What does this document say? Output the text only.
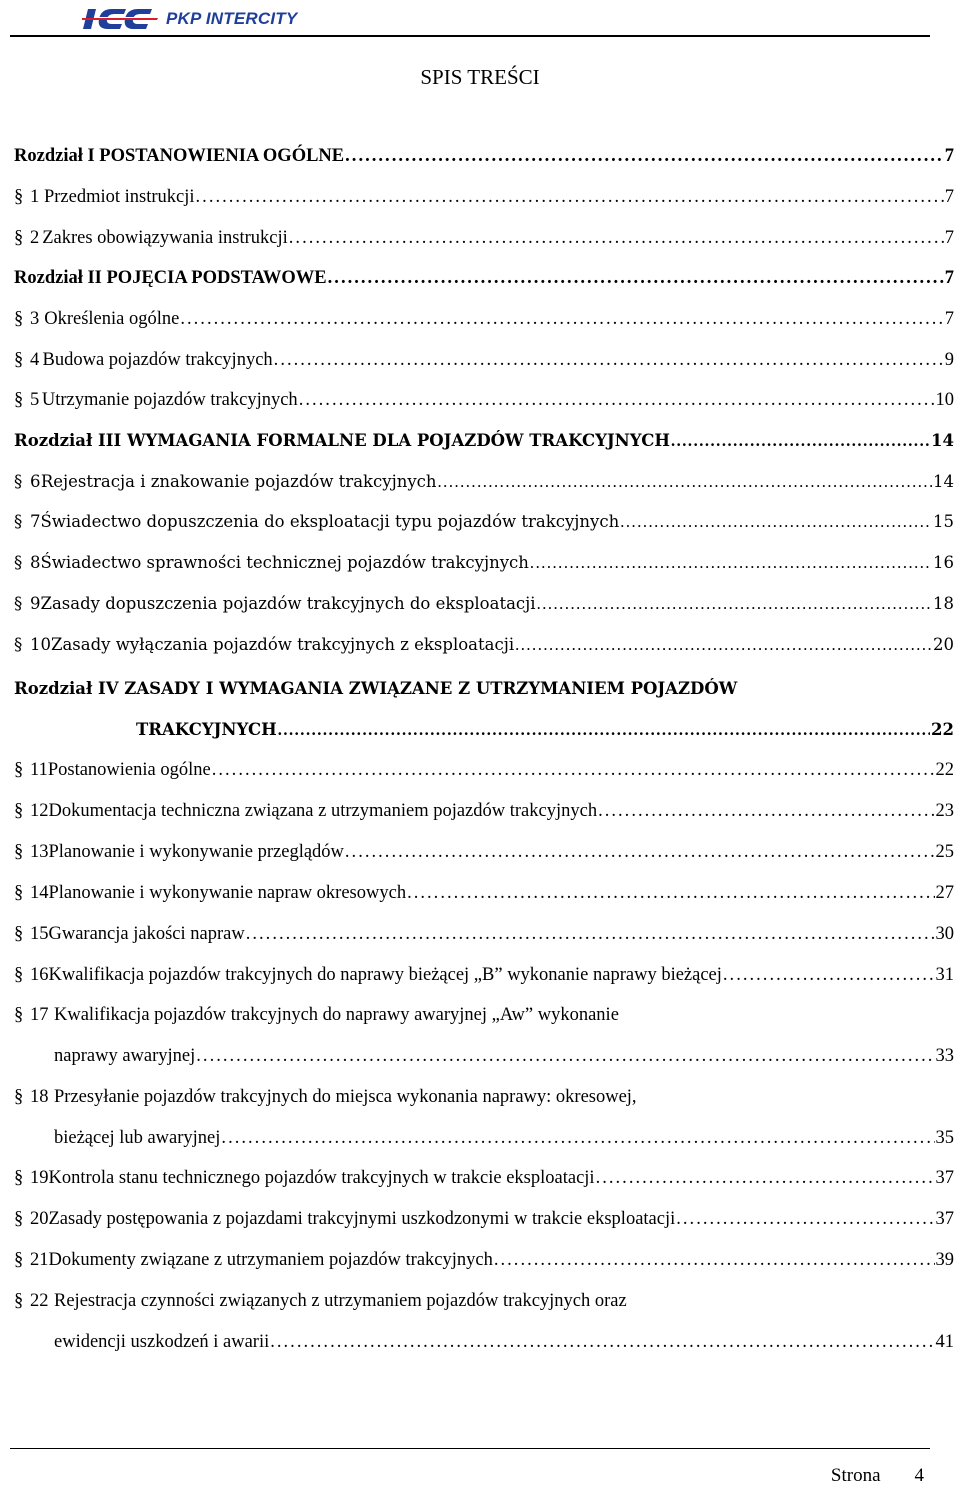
PKP INTERCITY
SPIS TREŚCI
Rozdział I POSTANOWIENIA OGÓLNE . . .	7
§ 1 Przedmiot instrukcji . . .	7
§ 2 Zakres obowiązywania instrukcji . . .	7
Rozdział II POJĘCIA PODSTAWOWE . . .	7
§ 3 Określenia ogólne . . .	7
§ 4 Budowa pojazdów trakcyjnych . . .	9
§ 5 Utrzymanie pojazdów trakcyjnych . . .	10
Rozdział III WYMAGANIA FORMALNE DLA POJAZDÓW TRAKCYJNYCH . . .	14
§ 6 Rejestracja i znakowanie pojazdów trakcyjnych . . .	14
§ 7 Świadectwo dopuszczenia do eksploatacji typu pojazdów trakcyjnych . . .	15
§ 8 Świadectwo sprawności technicznej pojazdów trakcyjnych . . .	16
§ 9 Zasady dopuszczenia pojazdów trakcyjnych do eksploatacji . . .	18
§ 10 Zasady wyłączania pojazdów trakcyjnych z eksploatacji . . .	20
Rozdział IV ZASADY I WYMAGANIA ZWIĄZANE Z UTRZYMANIEM POJAZDÓW
TRAKCYJNYCH . . .	22
§ 11 Postanowienia ogólne . . .	22
§ 12 Dokumentacja techniczna związana z utrzymaniem pojazdów trakcyjnych . . .	23
§ 13 Planowanie i wykonywanie przeglądów . . .	25
§ 14 Planowanie i wykonywanie napraw okresowych . . .	27
§ 15 Gwarancja jakości napraw . . .	30
§ 16 Kwalifikacja pojazdów trakcyjnych do naprawy bieżącej „B” wykonanie naprawy bieżącej . . .	31
§ 17 Kwalifikacja pojazdów trakcyjnych do naprawy awaryjnej „Aw” wykonanie
naprawy awaryjnej . . .	33
§ 18 Przesyłanie pojazdów trakcyjnych do miejsca wykonania naprawy: okresowej,
bieżącej lub awaryjnej . . .	35
§ 19 Kontrola stanu technicznego pojazdów trakcyjnych w trakcie eksploatacji . . .	37
§ 20 Zasady postępowania z pojazdami trakcyjnymi uszkodzonymi w trakcie eksploatacji . . .	37
§ 21 Dokumenty związane z utrzymaniem pojazdów trakcyjnych . . .	39
§ 22 Rejestracja czynności związanych z utrzymaniem pojazdów trakcyjnych oraz
ewidencji uszkodzeń i awarii . . .	41
Strona 4
